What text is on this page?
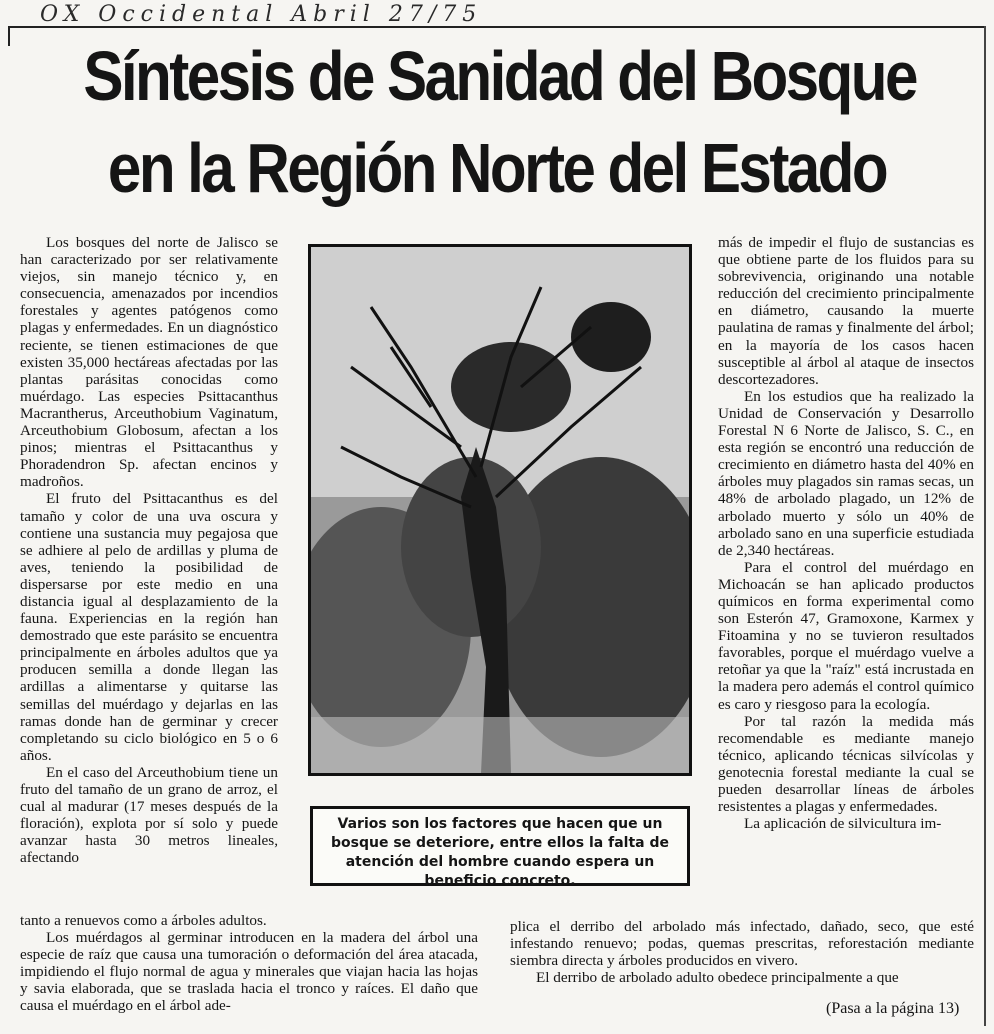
OX Occidental Abril 27/75
Síntesis de Sanidad del Bosque
en la Región Norte del Estado

Los bosques del norte de Jalisco se han caracterizado por ser relativamente viejos, sin manejo técnico y, en consecuencia, amenazados por incendios forestales y agentes patógenos como plagas y enfermedades. En un diagnóstico reciente, se tienen estimaciones de que existen 35,000 hectáreas afectadas por las plantas parásitas conocidas como muérdago. Las especies Psittacanthus Macrantherus, Arceuthobium Vaginatum, Arceuthobium Globosum, afectan a los pinos; mientras el Psittacanthus y Phoradendron Sp. afectan encinos y madroños.

El fruto del Psittacanthus es del tamaño y color de una uva oscura y contiene una sustancia muy pegajosa que se adhiere al pelo de ardillas y pluma de aves, teniendo la posibilidad de dispersarse por este medio en una distancia igual al desplazamiento de la fauna. Experiencias en la región han demostrado que este parásito se encuentra principalmente en árboles adultos que ya producen semilla a donde llegan las ardillas a alimentarse y quitarse las semillas del muérdago y dejarlas en las ramas donde han de germinar y crecer completando su ciclo biológico en 5 o 6 años.

En el caso del Arceuthobium tiene un fruto del tamaño de un grano de arroz, el cual al madurar (17 meses después de la floración), explota por sí solo y puede avanzar hasta 30 metros lineales, afectando

Varios son los factores que hacen que un bosque se deteriore, entre ellos la falta de atención del hombre cuando espera un beneficio concreto.

más de impedir el flujo de sustancias es que obtiene parte de los fluidos para su sobrevivencia, originando una notable reducción del crecimiento principalmente en diámetro, causando la muerte paulatina de ramas y finalmente del árbol; en la mayoría de los casos hacen susceptible al árbol al ataque de insectos descortezadores.

En los estudios que ha realizado la Unidad de Conservación y Desarrollo Forestal N 6 Norte de Jalisco, S. C., en esta región se encontró una reducción de crecimiento en diámetro hasta del 40% en árboles muy plagados sin ramas secas, un 48% de arbolado plagado, un 12% de arbolado muerto y sólo un 40% de arbolado sano en una superficie estudiada de 2,340 hectáreas.

Para el control del muérdago en Michoacán se han aplicado productos químicos en forma experimental como son Esterón 47, Gramoxone, Karmex y Fitoamina y no se tuvieron resultados favorables, porque el muérdago vuelve a retoñar ya que la "raíz" está incrustada en la madera pero además el control químico es caro y riesgoso para la ecología.

Por tal razón la medida más recomendable es mediante manejo técnico, aplicando técnicas silvícolas y genotecnia forestal mediante la cual se pueden desarrollar líneas de árboles resistentes a plagas y enfermedades.

La aplicación de silvicultura im-

tanto a renuevos como a árboles adultos.

Los muérdagos al germinar introducen en la madera del árbol una especie de raíz que causa una tumoración o deformación del área atacada, impidiendo el flujo normal de agua y minerales que viajan hacia las hojas y savia elaborada, que se traslada hacia el tronco y raíces. El daño que causa el muérdago en el árbol ade-

plica el derribo del arbolado más infectado, dañado, seco, que esté infestando renuevo; podas, quemas prescritas, reforestación mediante siembra directa y árboles producidos en vivero.

El derribo de arbolado adulto obedece principalmente a que

(Pasa a la página 13)
